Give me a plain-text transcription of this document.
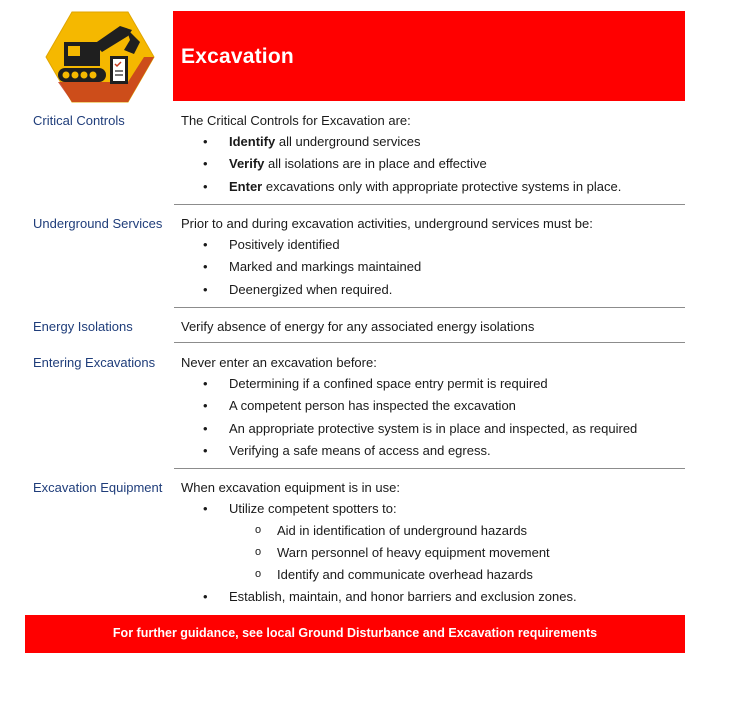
Excavation
Critical Controls	The Critical Controls for Excavation are:
• Identify all underground services
• Verify all isolations are in place and effective
• Enter excavations only with appropriate protective systems in place.
Underground Services Prior to and during excavation activities, underground services must be:
• Positively identified
• Marked and markings maintained
• Deenergized when required.
Energy Isolations	Verify absence of energy for any associated energy isolations
Entering Excavations Never enter an excavation before:
• Determining if a confined space entry permit is required
• A competent person has inspected the excavation
• An appropriate protective system is in place and inspected, as required
• Verifying a safe means of access and egress.
Excavation Equipment When excavation equipment is in use:
• Utilize competent spotters to:
o Aid in identification of underground hazards
o Warn personnel of heavy equipment movement
o Identify and communicate overhead hazards
• Establish, maintain, and honor barriers and exclusion zones.
For further guidance, see local Ground Disturbance and Excavation requirements
